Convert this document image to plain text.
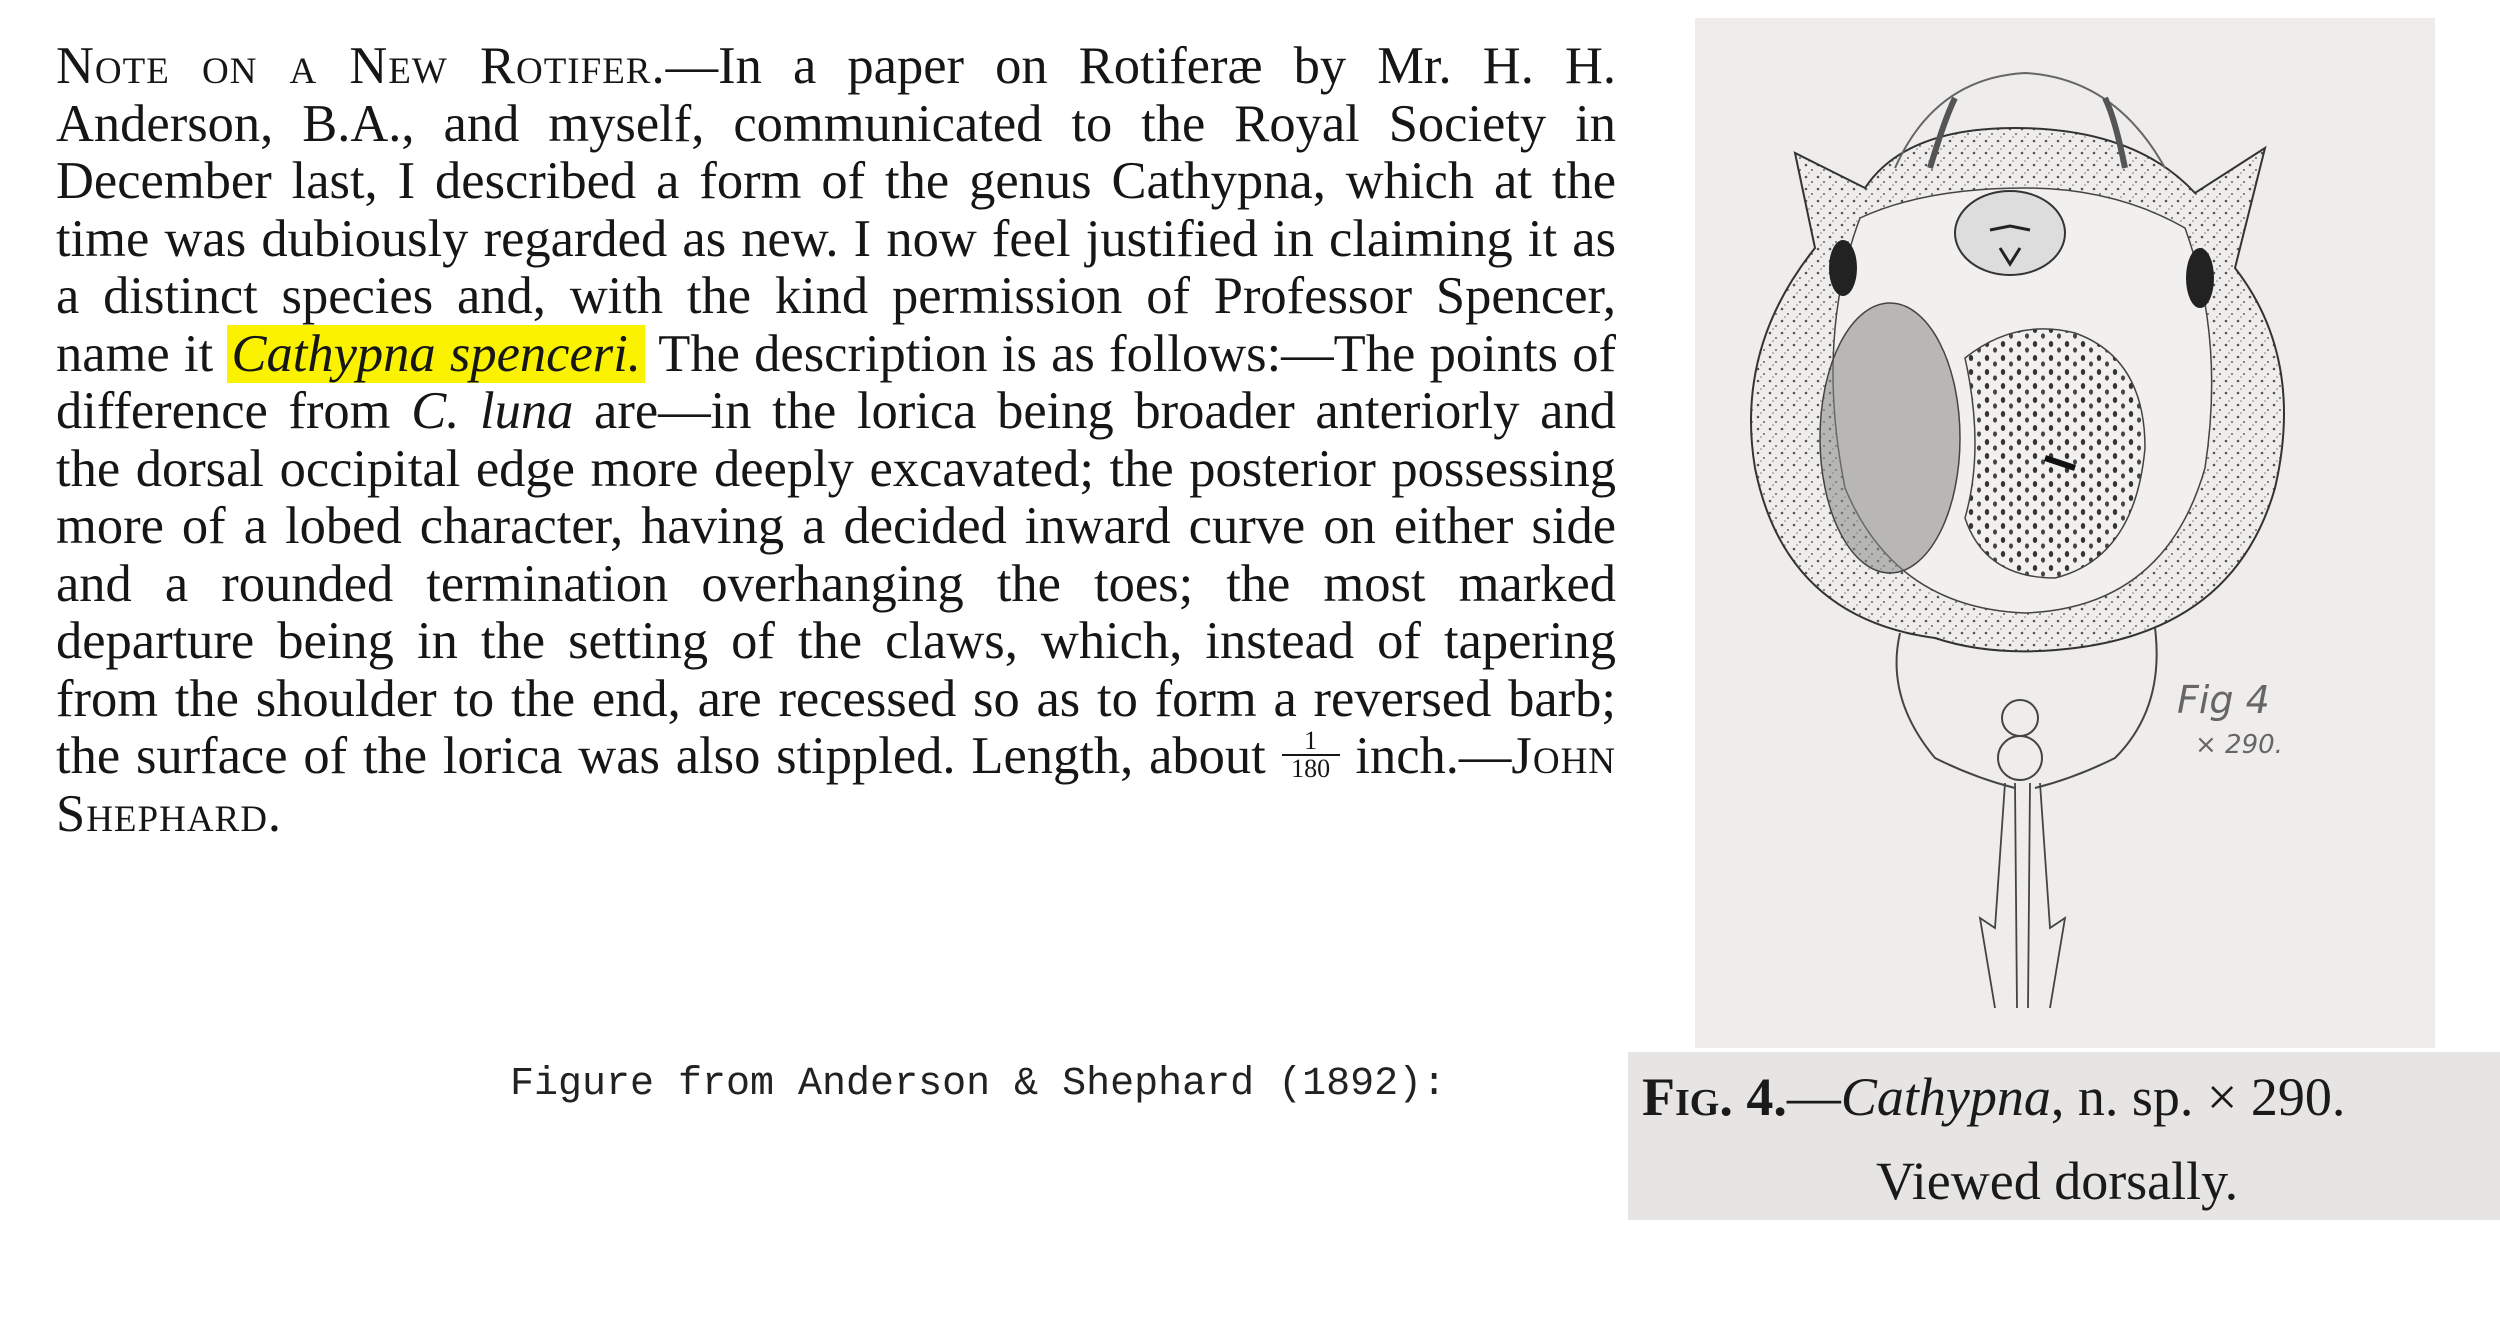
Note on a New Rotifer.—In a paper on Rotiferæ by Mr. H. H. Anderson, B.A., and myself, communicated to the Royal Society in December last, I described a form of the genus Cathypna, which at the time was dubiously regarded as new. I now feel justified in claiming it as a distinct species and, with the kind permission of Professor Spencer, name it Cathypna spenceri. The description is as follows:—The points of difference from C. luna are—in the lorica being broader anteriorly and the dorsal occipital edge more deeply excavated; the posterior possessing more of a lobed character, having a decided inward curve on either side and a rounded termination overhanging the toes; the most marked departure being in the setting of the claws, which, instead of tapering from the shoulder to the end, are recessed so as to form a reversed barb; the surface of the lorica was also stippled. Length, about $\frac{1}{180}$ inch.—John Shephard.
Fig 4
× 290.
Figure from Anderson & Shephard (1892):	Fig. 4.—Cathypna, n. sp. × 290.
Viewed dorsally.
